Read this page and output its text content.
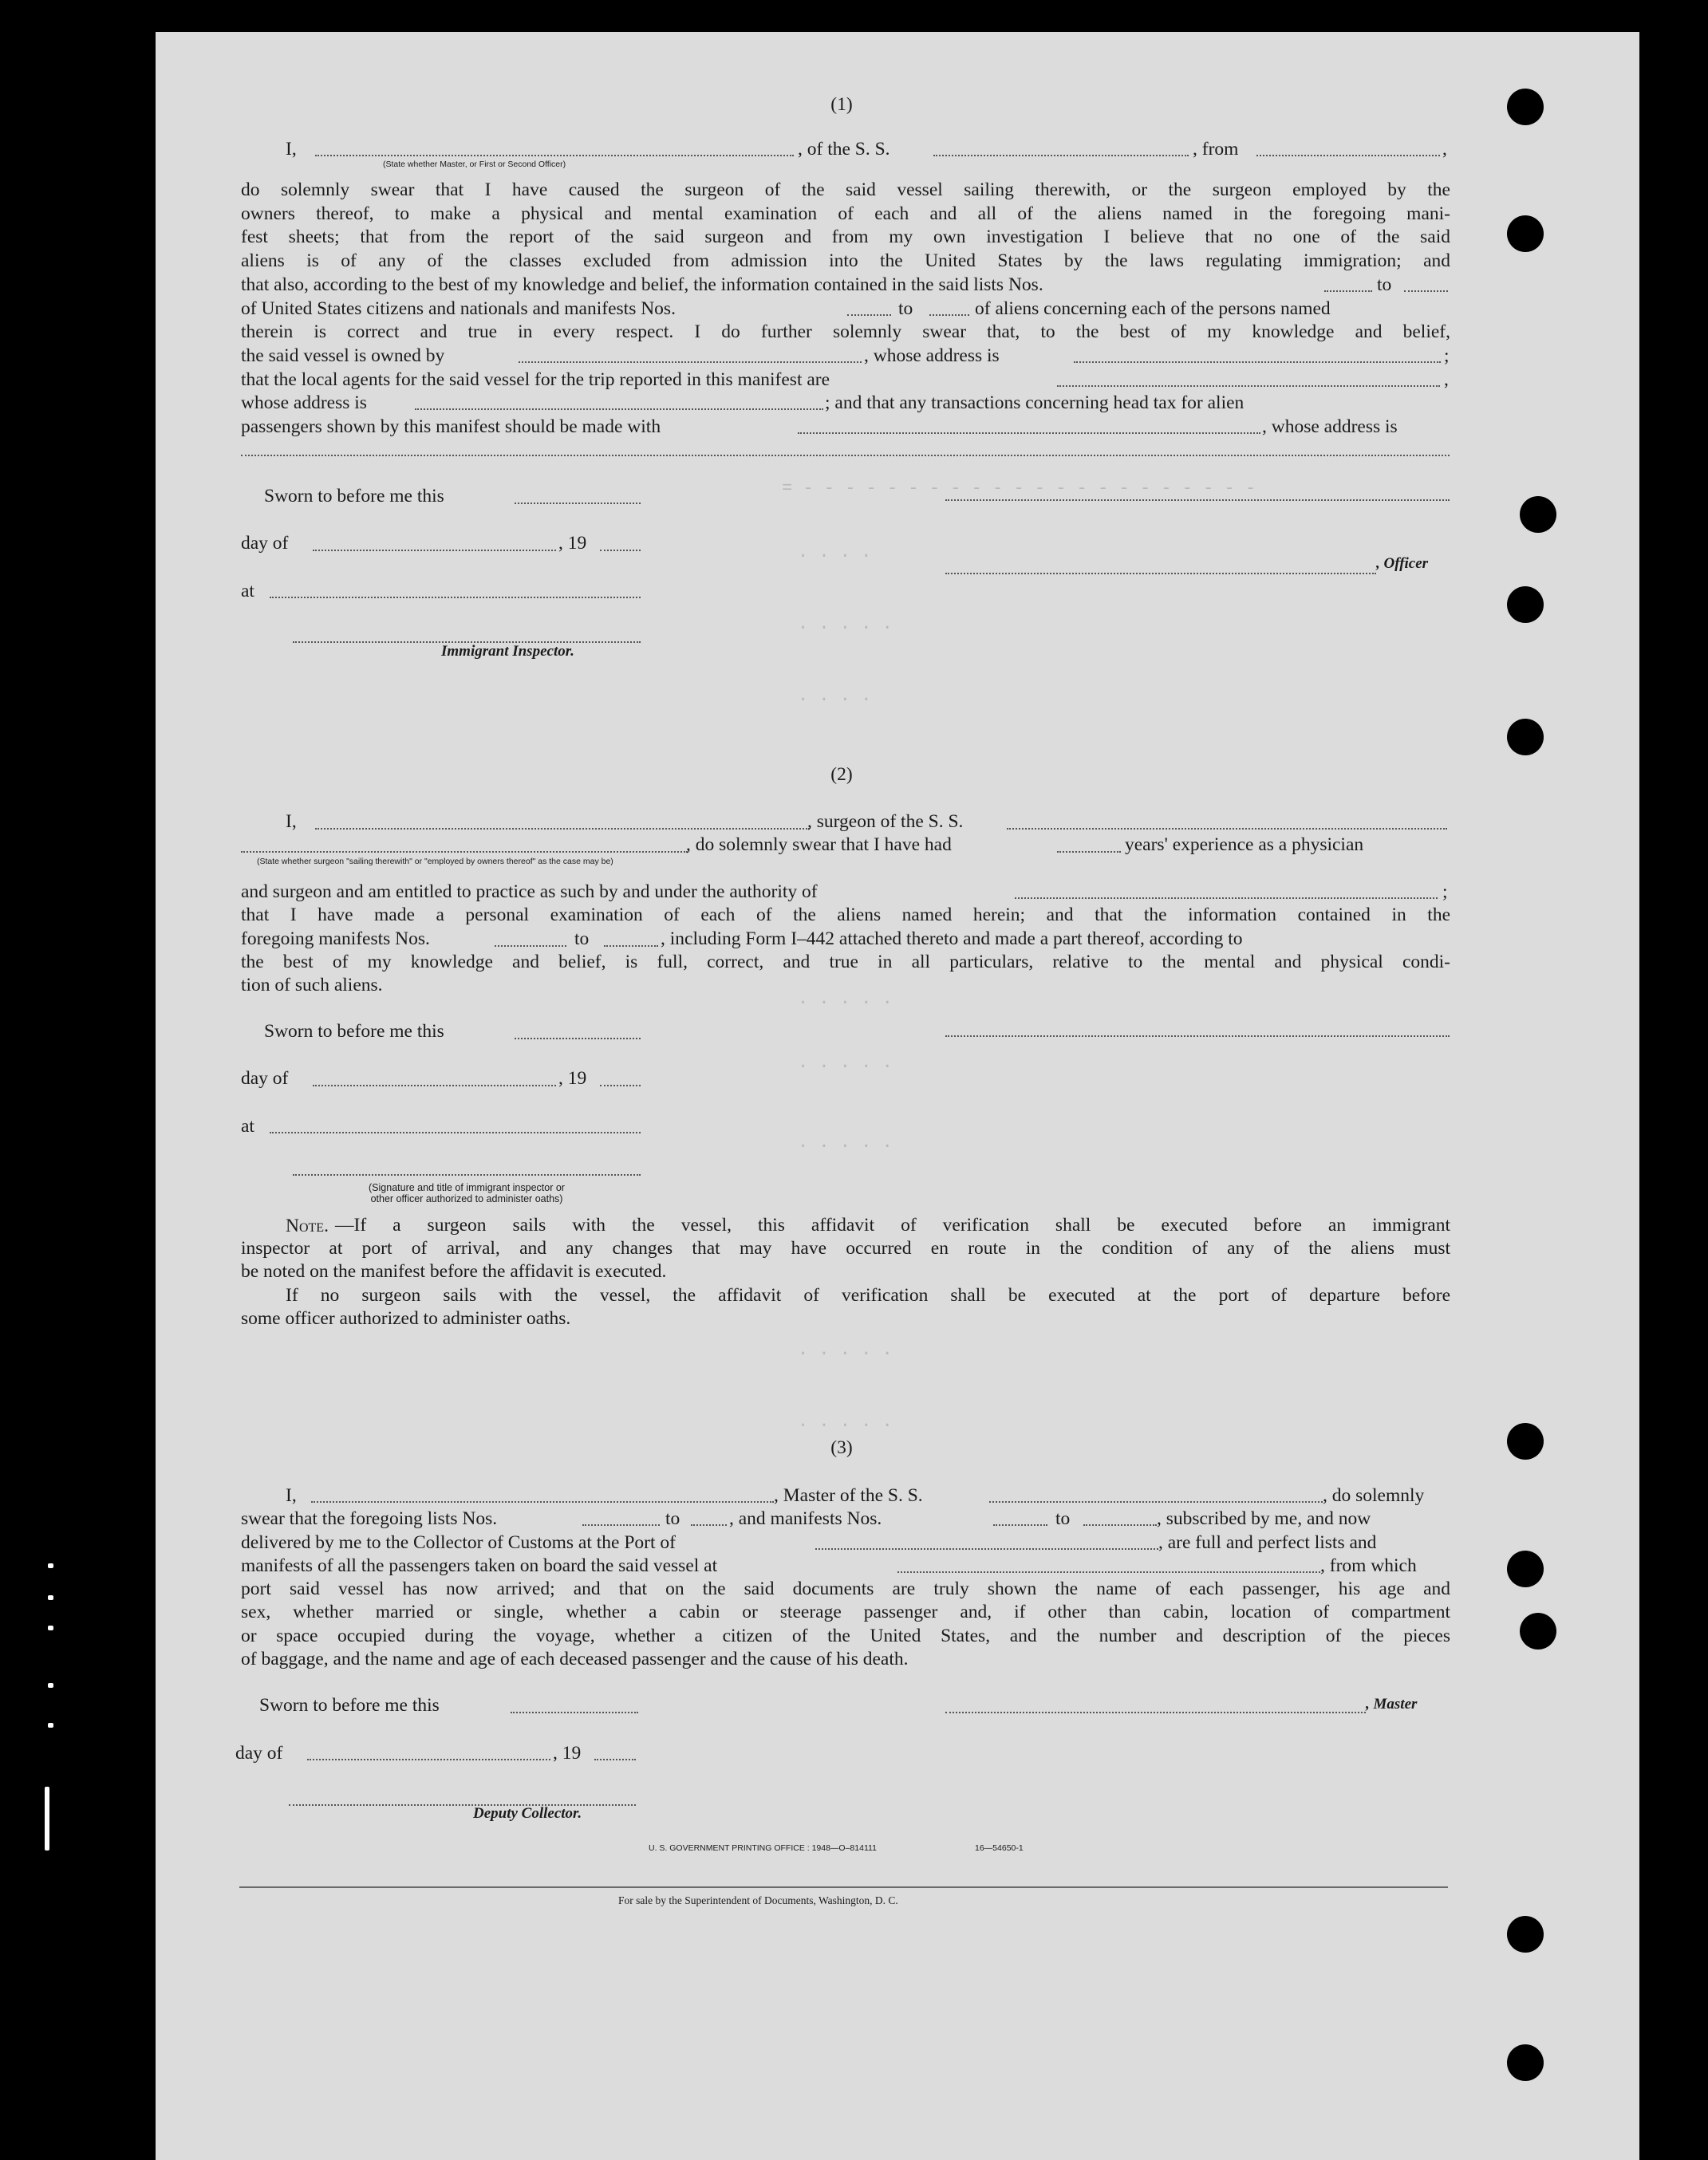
= - - - - - - - - - - - - - - - - - - - - - -
. . . .
. . . . .
. . . .
. . . . .
. . . . .
. . . . .
. . . . .
. . . . .
(1)
I,	, of the S. S.	, from	,
(State whether Master, or First or Second Officer)
do solemnly swear that I have caused the surgeon of the said vessel sailing therewith, or the surgeon employed by the
owners thereof, to make a physical and mental examination of each and all of the aliens named in the foregoing mani-
fest sheets; that from the report of the said surgeon and from my own investigation I believe that no one of the said
aliens is of any of the classes excluded from admission into the United States by the laws regulating immigration; and
that also, according to the best of my knowledge and belief, the information contained in the said lists Nos.	to
of United States citizens and nationals and manifests Nos.	to	of aliens concerning each of the persons named
therein is correct and true in every respect. I do further solemnly swear that, to the best of my knowledge and belief,
the said vessel is owned by	, whose address is	;
that the local agents for the said vessel for the trip reported in this manifest are	,
whose address is	; and that any transactions concerning head tax for alien
passengers shown by this manifest should be made with	, whose address is
Sworn to before me this
day of	, 19
, Officer
at
Immigrant Inspector.
(2)
I,	, surgeon of the S. S.
, do solemnly swear that I have had	years' experience as a physician
(State whether surgeon "sailing therewith" or "employed by owners thereof" as the case may be)
and surgeon and am entitled to practice as such by and under the authority of	;
that I have made a personal examination of each of the aliens named herein; and that the information contained in the
foregoing manifests Nos.	to	, including Form I–442 attached thereto and made a part thereof, according to
the best of my knowledge and belief, is full, correct, and true in all particulars, relative to the mental and physical condi-
tion of such aliens.
Sworn to before me this
day of	, 19
at
(Signature and title of immigrant inspector or
other officer authorized to administer oaths)
Note. —If a surgeon sails with the vessel, this affidavit of verification shall be executed before an immigrant
inspector at port of arrival, and any changes that may have occurred en route in the condition of any of the aliens must
be noted on the manifest before the affidavit is executed.
If no surgeon sails with the vessel, the affidavit of verification shall be executed at the port of departure before
some officer authorized to administer oaths.
(3)
I,	, Master of the S. S.	, do solemnly
swear that the foregoing lists Nos.	to	, and manifests Nos.	to	, subscribed by me, and now
delivered by me to the Collector of Customs at the Port of	, are full and perfect lists and
manifests of all the passengers taken on board the said vessel at	, from which
port said vessel has now arrived; and that on the said documents are truly shown the name of each passenger, his age and
sex, whether married or single, whether a cabin or steerage passenger and, if other than cabin, location of compartment
or space occupied during the voyage, whether a citizen of the United States, and the number and description of the pieces
of baggage, and the name and age of each deceased passenger and the cause of his death.
Sworn to before me this	, Master
day of	, 19
Deputy Collector.
U. S. GOVERNMENT PRINTING OFFICE : 1948—O–814111	16—54650-1
For sale by the Superintendent of Documents, Washington, D. C.
